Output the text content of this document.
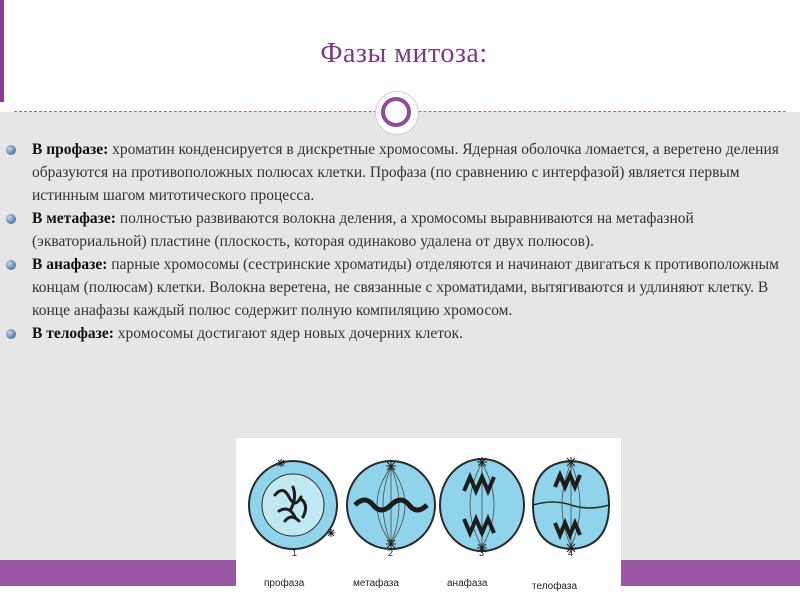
Фазы митоза:
В профазе: хроматин конденсируется в дискретные хромосомы. Ядерная оболочка ломается, а веретено деления образуются на противоположных полюсах клетки. Профаза (по сравнению с интерфазой) является первым истинным шагом митотического процесса.
В метафазе: полностью развиваются волокна деления, а хромосомы выравниваются на метафазной (экваториальной) пластине (плоскость, которая одинаково удалена от двух полюсов).
В анафазе: парные хромосомы (сестринские хроматиды) отделяются и начинают двигаться к противоположным концам (полюсам) клетки. Волокна веретена, не связанные с хроматидами, вытягиваются и удлиняют клетку. В конце анафазы каждый полюс содержит полную компиляцию хромосом.
В телофазе: хромосомы достигают ядер новых дочерних клеток.
1	2	3	4
профаза	метафаза	анафаза	телофаза
